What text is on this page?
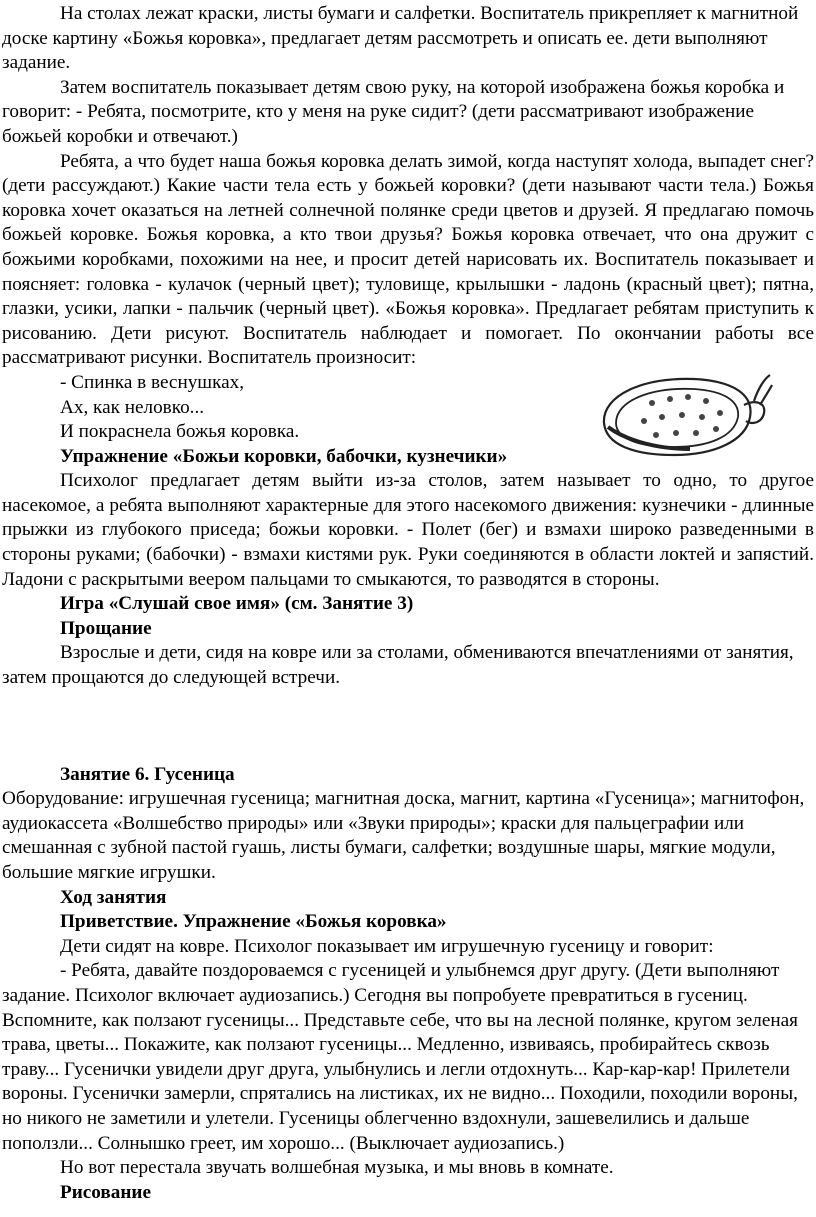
На столах лежат краски, листы бумаги и салфетки. Воспитатель прикрепляет к магнитной доске картину «Божья коровка», предлагает детям рассмотреть и описать ее. дети выполняют задание.

Затем воспитатель показывает детям свою руку, на которой изображена божья коробка и говорит: - Ребята, посмотрите, кто у меня на руке сидит? (дети рассматривают изображение божьей коробки и отвечают.)

Ребята, а что будет наша божья коровка делать зимой, когда наступят холода, выпадет снег? (дети рассуждают.) Какие части тела есть у божьей коровки? (дети называют части тела.) Божья коровка хочет оказаться на летней солнечной полянке среди цветов и друзей. Я предлагаю помочь божьей коровке. Божья коровка, а кто твои друзья? Божья коровка отвечает, что она дружит с божьими коробками, похожими на нее, и просит детей нарисовать их. Воспитатель показывает и поясняет: головка - кулачок (черный цвет); туловище, крылышки - ладонь (красный цвет); пятна, глазки, усики, лапки - пальчик (черный цвет). «Божья коровка». Предлагает ребятам приступить к рисованию. Дети рисуют. Воспитатель наблюдает и помогает. По окончании работы все рассматривают рисунки. Воспитатель произносит:

- Спинка в веснушках,

Ах, как неловко...

И покраснела божья коровка.

Упражнение «Божьи коровки, бабочки, кузнечики»

Психолог предлагает детям выйти из-за столов, затем называет то одно, то другое насекомое, а ребята выполняют характерные для этого насекомого движения: кузнечики - длинные прыжки из глубокого приседа; божьи коровки. - Полет (бег) и взмахи широко разведенными в стороны руками; (бабочки) - взмахи кистями рук. Руки соединяются в области локтей и запястий. Ладони с раскрытыми веером пальцами то смыкаются, то разводятся в стороны.

Игра «Слушай свое имя» (см. Занятие 3)

Прощание

Взрослые и дети, сидя на ковре или за столами, обмениваются впечатлениями от занятия, затем прощаются до следующей встречи.

Занятие 6. Гусеница

Оборудование: игрушечная гусеница; магнитная доска, магнит, картина «Гусеница»; магнитофон, аудиокассета «Волшебство природы» или «Звуки природы»; краски для пальцеграфии или смешанная с зубной пастой гуашь, листы бумаги, салфетки; воздушные шары, мягкие модули, большие мягкие игрушки.

Ход занятия

Приветствие. Упражнение «Божья коровка»

Дети сидят на ковре. Психолог показывает им игрушечную гусеницу и говорит:

- Ребята, давайте поздороваемся с гусеницей и улыбнемся друг другу. (Дети выполняют задание. Психолог включает аудиозапись.) Сегодня вы попробуете превратиться в гусениц. Вспомните, как ползают гусеницы... Представьте себе, что вы на лесной полянке, кругом зеленая трава, цветы... Покажите, как ползают гусеницы... Медленно, извиваясь, пробирайтесь сквозь траву... Гусенички увидели друг друга, улыбнулись и легли отдохнуть... Кар-кар-кар! Прилетели вороны. Гусенички замерли, спрятались на листиках, их не видно... Походили, походили вороны, но никого не заметили и улетели. Гусеницы облегченно вздохнули, зашевелились и дальше поползли... Солнышко греет, им хорошо... (Выключает аудиозапись.)

Но вот перестала звучать волшебная музыка, и мы вновь в комнате.

Рисование
